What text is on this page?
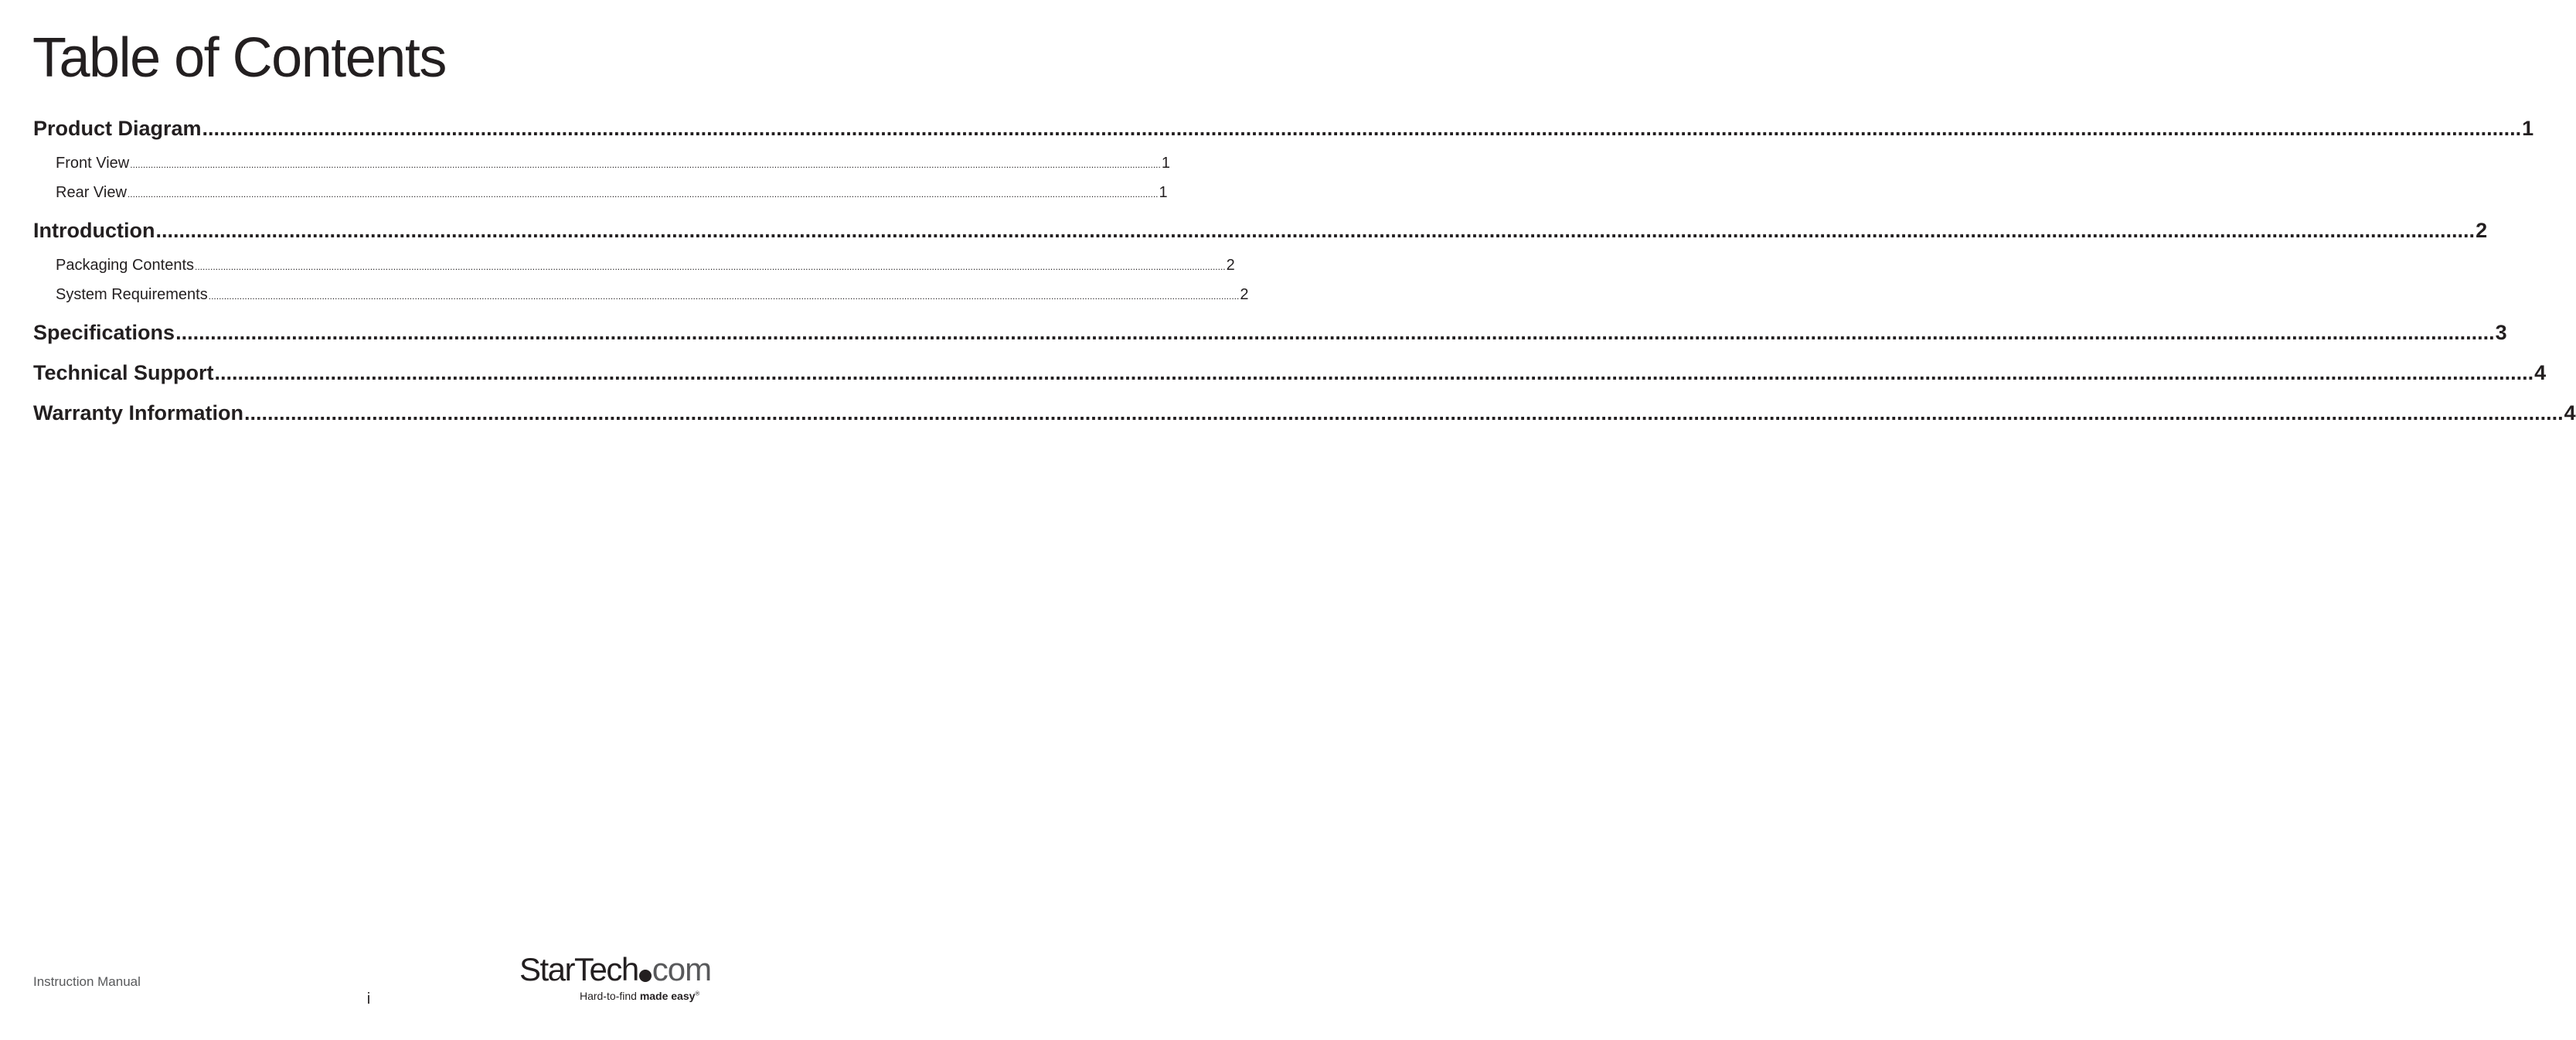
Table of Contents
Product Diagram ................................................................................................................................................................................................................................................................................................................................................................................................................ 1
Front View ................................................................................................................................................................................................................................................................................................................................................................................................................ 1
Rear View ................................................................................................................................................................................................................................................................................................................................................................................................................ 1
Introduction ................................................................................................................................................................................................................................................................................................................................................................................................................ 2
Packaging Contents ................................................................................................................................................................................................................................................................................................................................................................................................................ 2
System Requirements ................................................................................................................................................................................................................................................................................................................................................................................................................ 2
Specifications ................................................................................................................................................................................................................................................................................................................................................................................................................ 3
Technical Support ................................................................................................................................................................................................................................................................................................................................................................................................................ 4
Warranty Information ................................................................................................................................................................................................................................................................................................................................................................................................................ 4
Instruction Manual
i
StarTech com
Hard-to-find made easy®
